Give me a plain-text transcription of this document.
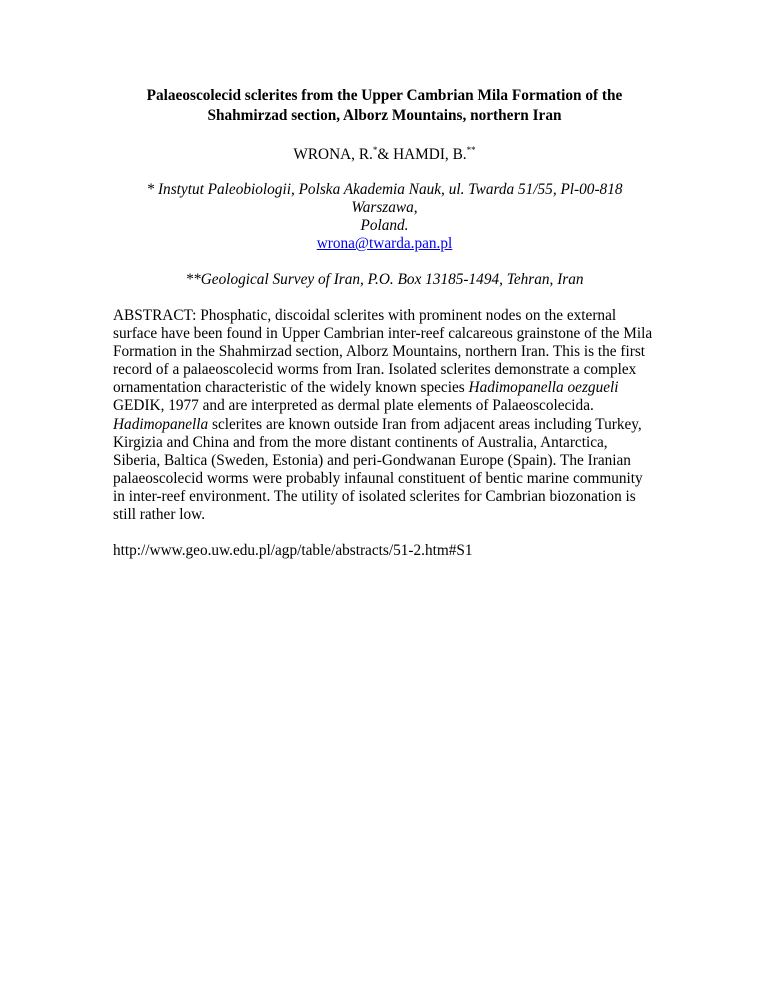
Palaeoscolecid sclerites from the Upper Cambrian Mila Formation of the
Shahmirzad section, Alborz Mountains, northern Iran
WRONA, R.*& HAMDI, B.**
* Instytut Paleobiologii, Polska Akademia Nauk, ul. Twarda 51/55, Pl-00-818 Warszawa,
Poland.
wrona@twarda.pan.pl
**Geological Survey of Iran, P.O. Box 13185-1494, Tehran, Iran

ABSTRACT: Phosphatic, discoidal sclerites with prominent nodes on the external surface have been found in Upper Cambrian inter-reef calcareous grainstone of the Mila Formation in the Shahmirzad section, Alborz Mountains, northern Iran. This is the first record of a palaeoscolecid worms from Iran. Isolated sclerites demonstrate a complex ornamentation characteristic of the widely known species Hadimopanella oezgueli GEDIK, 1977 and are interpreted as dermal plate elements of Palaeoscolecida. Hadimopanella sclerites are known outside Iran from adjacent areas including Turkey, Kirgizia and China and from the more distant continents of Australia, Antarctica, Siberia, Baltica (Sweden, Estonia) and peri-Gondwanan Europe (Spain). The Iranian palaeoscolecid worms were probably infaunal constituent of bentic marine community in inter-reef environment. The utility of isolated sclerites for Cambrian biozonation is still rather low.

http://www.geo.uw.edu.pl/agp/table/abstracts/51-2.htm#S1
